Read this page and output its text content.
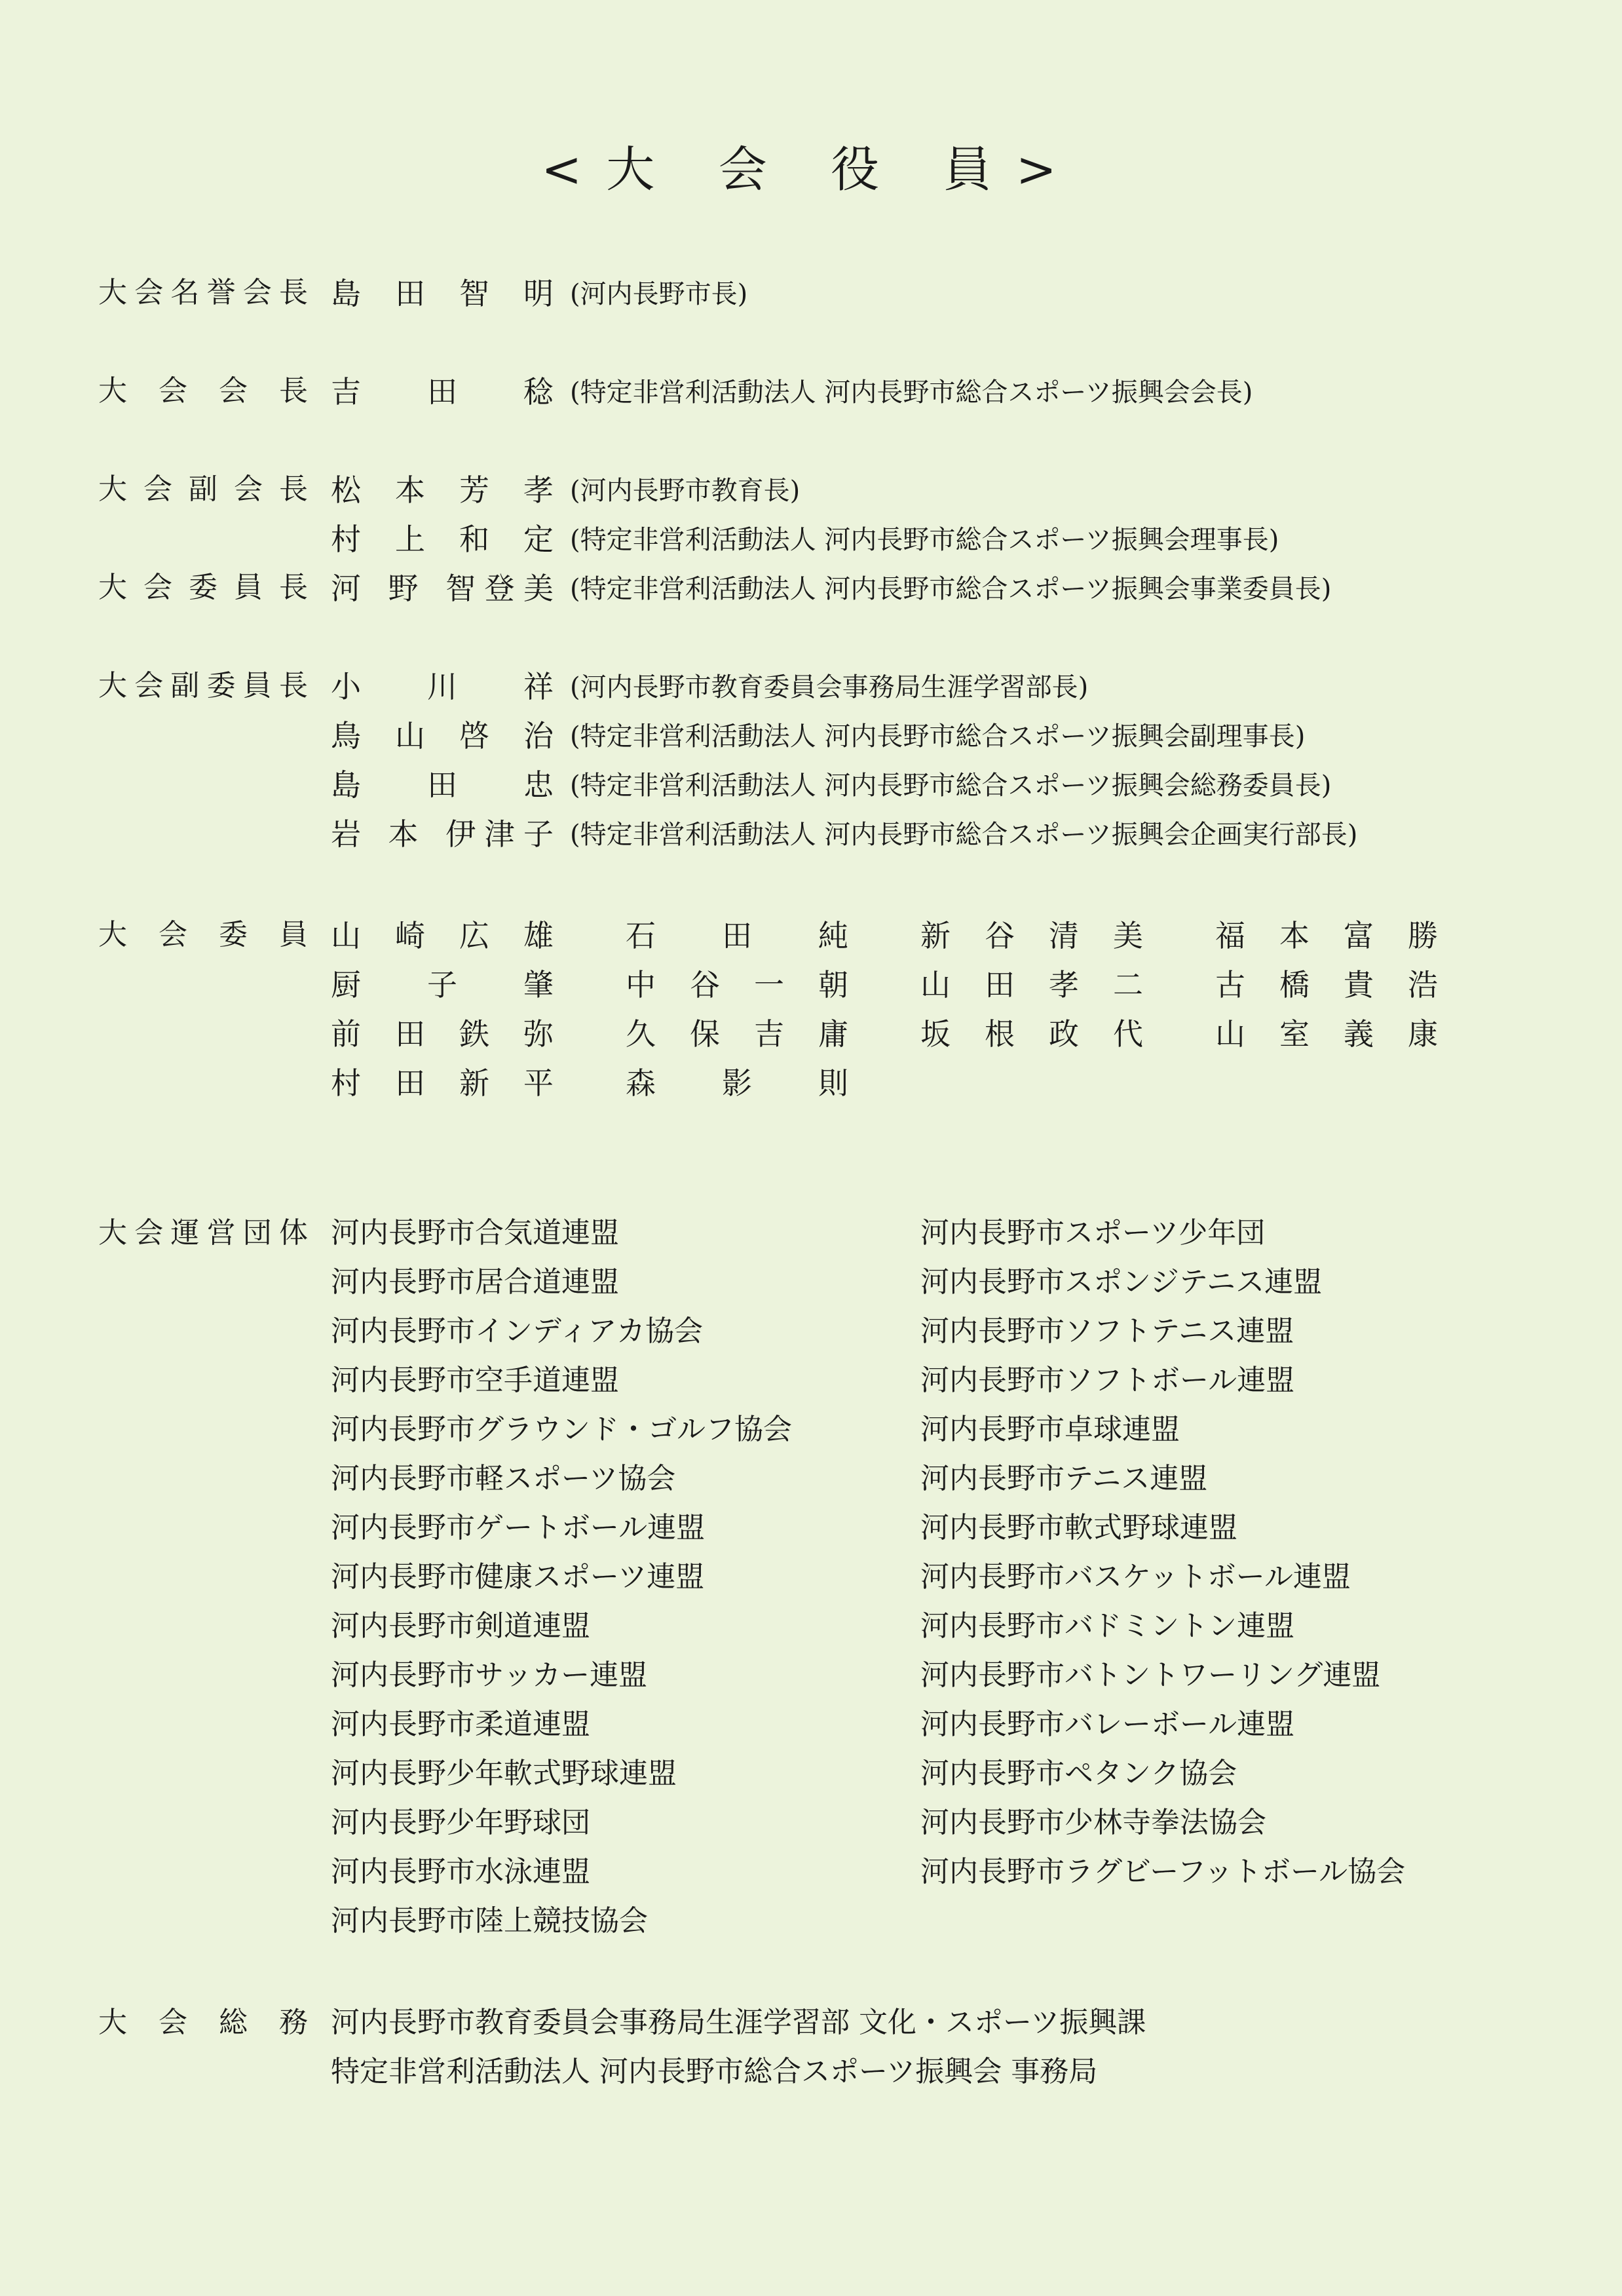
<大 会 役 員>
大会名誉会長 島 田 智 明 (河内長野市長)
大会会長 吉 田 稔 (特定非営利活動法人 河内長野市総合スポーツ振興会会長)
大会副会長 松 本 芳 孝 (河内長野市教育長)
村 上 和 定 (特定非営利活動法人 河内長野市総合スポーツ振興会理事長)
大会委員長 河 野 智登美 (特定非営利活動法人 河内長野市総合スポーツ振興会事業委員長)
大会副委員長 小 川 祥 (河内長野市教育委員会事務局生涯学習部長)
鳥 山 啓 治 (特定非営利活動法人 河内長野市総合スポーツ振興会副理事長)
島 田 忠 (特定非営利活動法人 河内長野市総合スポーツ振興会総務委員長)
岩 本 伊津子 (特定非営利活動法人 河内長野市総合スポーツ振興会企画実行部長)
大会委員 山 崎 広 雄 石 田 純 新 谷 清 美 福 本 富 勝
厨 子 肇 中 谷 一 朝 山 田 孝 二 古 橋 貴 浩
前 田 鉄 弥 久 保 吉 庸 坂 根 政 代 山 室 義 康
村 田 新 平 森 影 則
大会運営団体 河内長野市合気道連盟
河内長野市居合道連盟
河内長野市インディアカ協会
河内長野市空手道連盟
河内長野市グラウンド・ゴルフ協会
河内長野市軽スポーツ協会
河内長野市ゲートボール連盟
河内長野市健康スポーツ連盟
河内長野市剣道連盟
河内長野市サッカー連盟
河内長野市柔道連盟
河内長野少年軟式野球連盟
河内長野少年野球団
河内長野市水泳連盟
河内長野市陸上競技協会
河内長野市スポーツ少年団
河内長野市スポンジテニス連盟
河内長野市ソフトテニス連盟
河内長野市ソフトボール連盟
河内長野市卓球連盟
河内長野市テニス連盟
河内長野市軟式野球連盟
河内長野市バスケットボール連盟
河内長野市バドミントン連盟
河内長野市バトントワーリング連盟
河内長野市バレーボール連盟
河内長野市ペタンク協会
河内長野市少林寺拳法協会
河内長野市ラグビーフットボール協会
大会総務 河内長野市教育委員会事務局生涯学習部 文化・スポーツ振興課
特定非営利活動法人 河内長野市総合スポーツ振興会 事務局
